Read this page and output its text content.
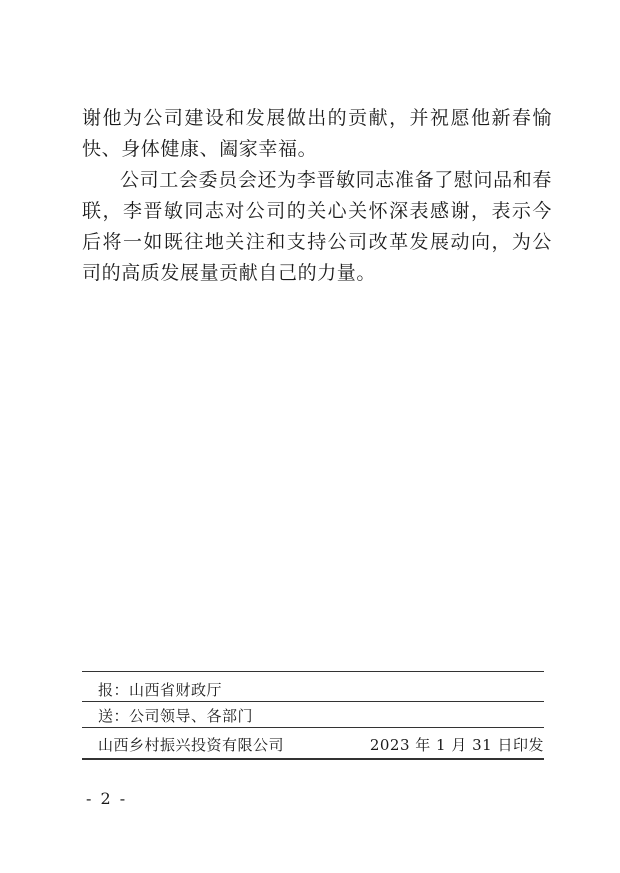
谢他为公司建设和发展做出的贡献，并祝愿他新春愉快、身体健康、阖家幸福。

公司工会委员会还为李晋敏同志准备了慰问品和春联，李晋敏同志对公司的关心关怀深表感谢，表示今后将一如既往地关注和支持公司改革发展动向，为公司的高质发展量贡献自己的力量。

报：山西省财政厅
送：公司领导、各部门
山西乡村振兴投资有限公司	2023 年 1 月 31 日印发
- 2 -
